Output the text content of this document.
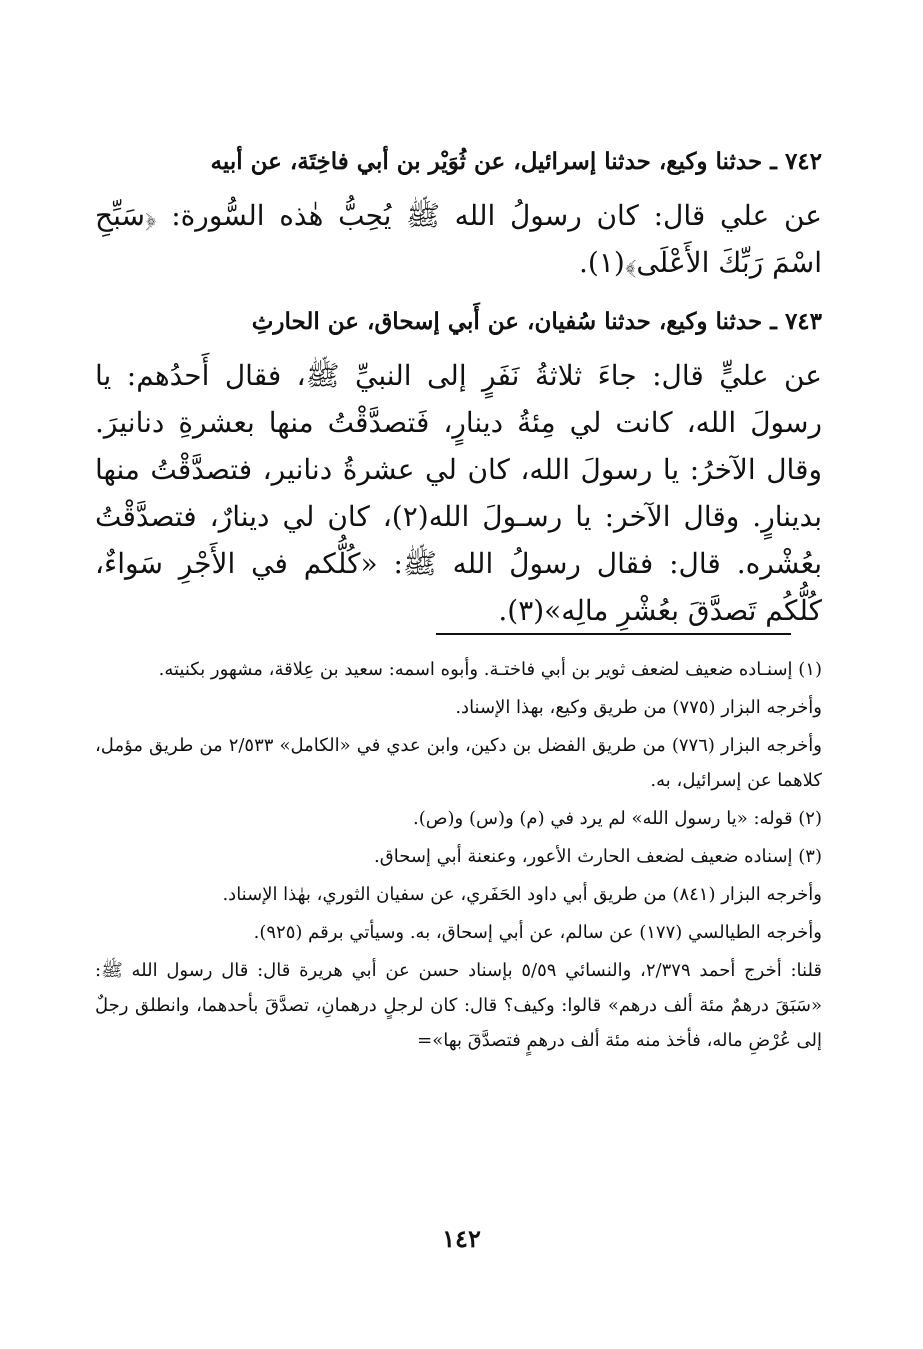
٧٤٢ ـ حدثنا وكيع، حدثنا إسرائيل، عن ثُوَيْر بن أبي فاخِتَة، عن أبيه

عن علي قال: كان رسولُ الله ﷺ يُحِبُّ هٰذه السُّورة: ﴿سَبِّحِ اسْمَ رَبِّكَ الأَعْلَى﴾(١).

٧٤٣ ـ حدثنا وكيع، حدثنا سُفيان، عن أَبي إسحاق، عن الحارثِ

عن عليٍّ قال: جاءَ ثلاثةُ نَفَرٍ إلى النبيِّ ﷺ، فقال أَحدُهم: يا رسولَ الله، كانت لي مِئةُ دينارٍ، فَتصدَّقْتُ منها بعشرةِ دنانيرَ. وقال الآخرُ: يا رسولَ الله، كان لي عشرةُ دنانير، فتصدَّقْتُ منها بدينارٍ. وقال الآخر: يا رسـولَ الله(٢)، كان لي دينارٌ، فتصدَّقْتُ بعُشْره. قال: فقال رسولُ الله ﷺ: «كُلُّكم في الأَجْرِ سَواءٌ، كُلُّكُم تَصدَّقَ بعُشْرِ مالِه»(٣).

(١) إسنـاده ضعيف لضعف ثوير بن أبي فاختـة. وأبوه اسمه: سعيد بن عِلاقة، مشهور بكنيته.

وأخرجه البزار (٧٧٥) من طريق وكيع، بهذا الإسناد.

وأخرجه البزار (٧٧٦) من طريق الفضل بن دكين، وابن عدي في «الكامل» ٢/٥٣٣ من طريق مؤمل، كلاهما عن إسرائيل، به.

(٢) قوله: «يا رسول الله» لم يرد في (م) و(س) و(ص).

(٣) إسناده ضعيف لضعف الحارث الأعور، وعنعنة أبي إسحاق.

وأخرجه البزار (٨٤١) من طريق أبي داود الحَفَري، عن سفيان الثوري، بهٰذا الإسناد.

وأخرجه الطيالسي (١٧٧) عن سالم، عن أبي إسحاق، به. وسيأتي برقم (٩٢٥).

قلنا: أخرج أحمد ٢/٣٧٩، والنسائي ٥/٥٩ بإسناد حسن عن أبي هريرة قال: قال رسول الله ﷺ: «سَبَقَ درهمٌ مئة ألف درهم» قالوا: وكيف؟ قال: كان لرجلٍ درهمانِ، تصدَّقَ بأحدهما، وانطلق رجلٌ إلى عُرْضِ ماله، فأخذ منه مئة ألف درهمٍ فتصدَّقَ بها»=

١٤٢
